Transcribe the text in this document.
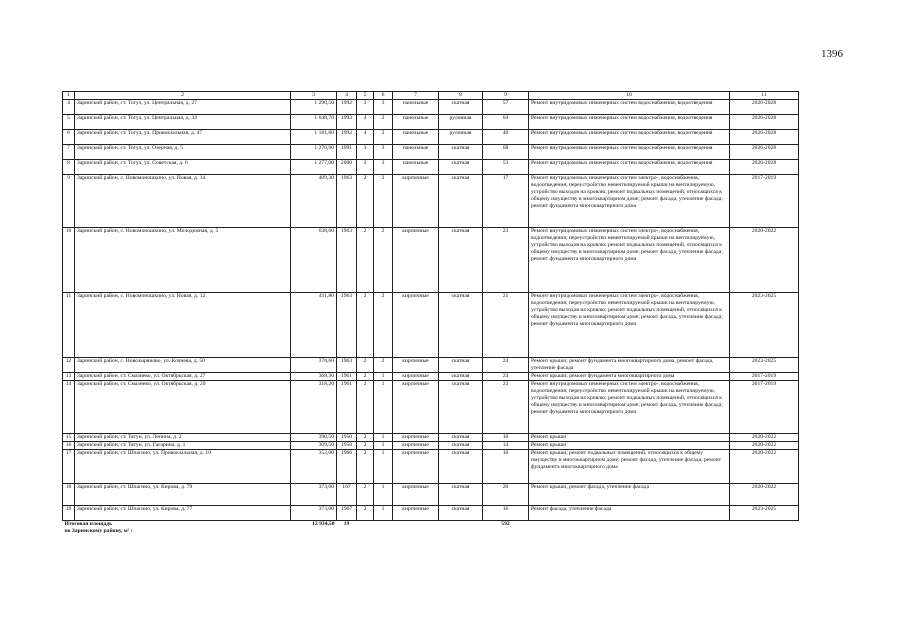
1396
1	2	3	4	5	6	7	8	9	10	11
4	Заринский район, ст. Тогул, ул. Центральная, д. 27	1 290,50	1992	3	3	панельные	скатная	57	Ремонт внутридомовых инженерных систем водоснабжения, водоотведения	2026-2028
5	Заринский район, ст. Тогул, ул. Центральная, д. 34	1 648,70	1993	4	2	панельные	рулонная	64	Ремонт внутридомовых инженерных систем водоснабжения, водоотведения	2026-2028
6	Заринский район, ст. Тогул, ул. Привокзальная, д. 47	1 181,80	1992	4	2	панельные	рулонная	40	Ремонт внутридомовых инженерных систем водоснабжения, водоотведения	2026-2028
7	Заринский район, ст. Тогул, ул. Озерная, д. 5	1 276,90	1991	3	3	панельные	скатная	68	Ремонт внутридомовых инженерных систем водоснабжения, водоотведения	2026-2028
8	Заринский район, ст. Тогул, ул. Советская, д. 6	1 277,00	2000	3	3	панельные	скатная	53	Ремонт внутридомовых инженерных систем водоснабжения, водоотведения	2026-2028
9	Заринский район, с. Новомоношкино, ул. Новая, д. 14	409,30	1963	2	2	кирпичные	скатная	17	Ремонт внутридомовых инженерных систем электро-, водоснабжения, водоотведения; переустройство невентилируемой крыши на вентилируемую, устройство выходов на кровлю; ремонт подвальных помещений, относящихся к общему имуществу в многоквартирном доме; ремонт фасада, утепление фасада; ремонт фундамента многоквартирного дома	2017-2019
10	Заринский район, с. Новомоношкино, ул. Молодежная, д. 5	638,60	1963	2	2	кирпичные	скатная	23	Ремонт внутридомовых инженерных систем электро-, водоснабжения, водоотведения; переустройство невентилируемой крыши на вентилируемую, устройство выходов на кровлю; ремонт подвальных помещений, относящихся к общему имуществу в многоквартирном доме; ремонт фасада, утепление фасада; ремонт фундамента многоквартирного дома	2020-2022
11	Заринский район, с. Новомоношкино, ул. Новая, д. 12	411,80	1963	2	2	кирпичные	скатная	21	Ремонт внутридомовых инженерных систем электро-, водоснабжения, водоотведения; переустройство невентилируемой крыши на вентилируемую, устройство выходов на кровлю; ремонт подвальных помещений, относящихся к общему имуществу в многоквартирном доме; ремонт фасада, утепление фасада; ремонт фундамента многоквартирного дома	2023-2025
12	Заринский район, с. Новозыряново, ул. Кочнева, д. 50	378,60	1963	2	2	кирпичные	скатная	24	Ремонт крыши; ремонт фундамента многоквартирного дома, ремонт фасада, утепление фасада	2023-2025
13	Заринский район, ст. Смазнево, ул. Октябрьская, д. 27	368,30	1961	2	1	кирпичные	скатная	24	Ремонт крыши; ремонт фундамента многоквартирного дома	2017-2019
14	Заринский район, ст. Смазнево, ул. Октябрьская, д. 29	318,20	1961	2	1	кирпичные	скатная	23	Ремонт внутридомовых инженерных систем электро-, водоснабжения, водоотведения; переустройство невентилируемой крыши на вентилируемую, устройство выходов на кровлю; ремонт подвальных помещений, относящихся к общему имуществу в многоквартирном доме; ремонт фасада, утепление фасада; ремонт фундамента многоквартирного дома	2017-2019
15	Заринский район, ст. Тягун, ул. Ленина, д. 2	390,50	1950	2	1	кирпичные	скатная	10	Ремонт крыши	2020-2022
16	Заринский район, ст. Тягун, ул. Гагарина, д. 1	309,50	1958	2	1	кирпичные	скатная	14	Ремонт крыши	2020-2022
17	Заринский район, ст. Шпагино, ул. Привокзальная, д. 10	352,00	1966	2	1	кирпичные	скатная	10	Ремонт крыши, ремонт подвальных помещений, относящихся к общему имуществу в многоквартирном доме; ремонт фасада, утепление фасада; ремонт фундамента многоквартирного дома	2020-2022
18	Заринский район, ст. Шпагино, ул. Кирова, д. 79	373,00	167	2	1	кирпичные	скатная	20	Ремонт крыши, ремонт фасада, утепление фасада	2020-2022
19	Заринский район, ст. Шпагино, ул. Кирова, д. 77	373,00	1967	2	1	кирпичные	скатная	16	Ремонт фасада, утепление фасада	2023-2025

Итоговая площадь
по Заринскому району, м² :		12 934,50	19					592		
